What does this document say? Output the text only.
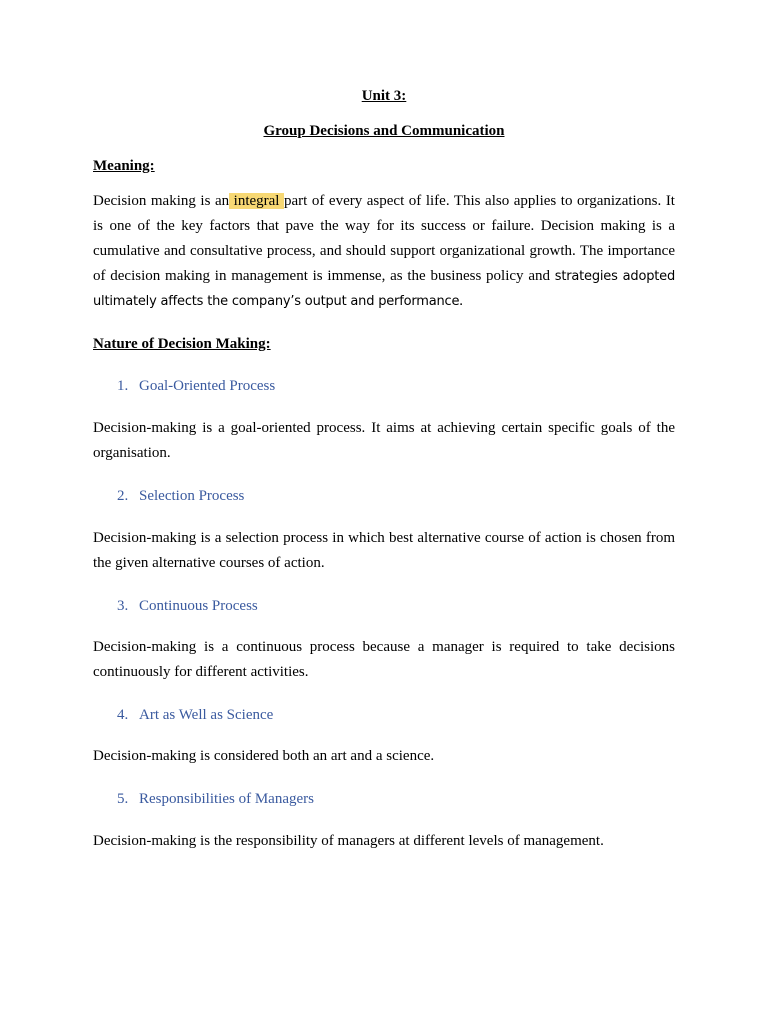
Unit 3:
Group Decisions and Communication
Meaning:

Decision making is an integral part of every aspect of life. This also applies to organizations. It is one of the key factors that pave the way for its success or failure. Decision making is a cumulative and consultative process, and should support organizational growth. The importance of decision making in management is immense, as the business policy and strategies adopted ultimately affects the company’s output and performance.

Nature of Decision Making:
1. Goal-Oriented Process

Decision-making is a goal-oriented process. It aims at achieving certain specific goals of the organisation.

2. Selection Process

Decision-making is a selection process in which best alternative course of action is chosen from the given alternative courses of action.

3. Continuous Process

Decision-making is a continuous process because a manager is required to take decisions continuously for different activities.

4. Art as Well as Science

Decision-making is considered both an art and a science.

5. Responsibilities of Managers

Decision-making is the responsibility of managers at different levels of management.
